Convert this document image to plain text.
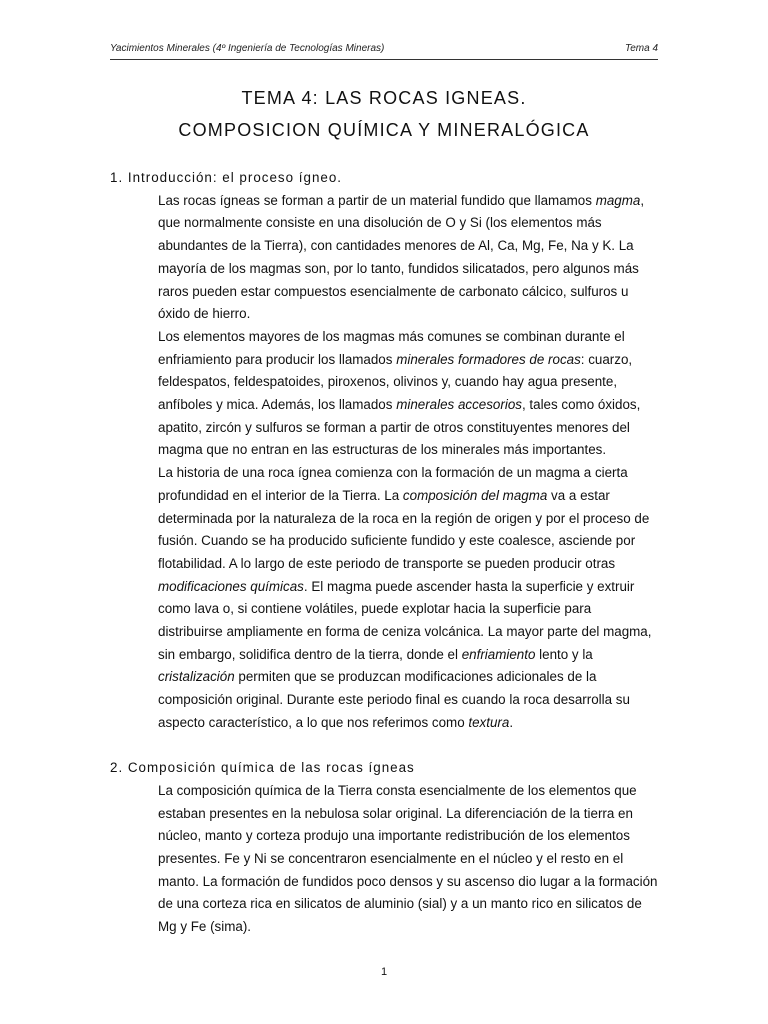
Yacimientos Minerales (4º Ingeniería de Tecnologías Mineras)	Tema 4
TEMA 4: LAS ROCAS IGNEAS.
COMPOSICION QUÍMICA Y MINERALÓGICA

1. Introducción: el proceso ígneo.

Las rocas ígneas se forman a partir de un material fundido que llamamos magma, que normalmente consiste en una disolución de O y Si (los elementos más abundantes de la Tierra), con cantidades menores de Al, Ca, Mg, Fe, Na y K. La mayoría de los magmas son, por lo tanto, fundidos silicatados, pero algunos más raros pueden estar compuestos esencialmente de carbonato cálcico, sulfuros u óxido de hierro.

Los elementos mayores de los magmas más comunes se combinan durante el enfriamiento para producir los llamados minerales formadores de rocas: cuarzo, feldespatos, feldespatoides, piroxenos, olivinos y, cuando hay agua presente, anfíboles y mica. Además, los llamados minerales accesorios, tales como óxidos, apatito, zircón y sulfuros se forman a partir de otros constituyentes menores del magma que no entran en las estructuras de los minerales más importantes.

La historia de una roca ígnea comienza con la formación de un magma a cierta profundidad en el interior de la Tierra. La composición del magma va a estar determinada por la naturaleza de la roca en la región de origen y por el proceso de fusión. Cuando se ha producido suficiente fundido y este coalesce, asciende por flotabilidad. A lo largo de este periodo de transporte se pueden producir otras modificaciones químicas. El magma puede ascender hasta la superficie y extruir como lava o, si contiene volátiles, puede explotar hacia la superficie para distribuirse ampliamente en forma de ceniza volcánica. La mayor parte del magma, sin embargo, solidifica dentro de la tierra, donde el enfriamiento lento y la cristalización permiten que se produzcan modificaciones adicionales de la composición original. Durante este periodo final es cuando la roca desarrolla su aspecto característico, a lo que nos referimos como textura.

2. Composición química de las rocas ígneas

La composición química de la Tierra consta esencialmente de los elementos que estaban presentes en la nebulosa solar original. La diferenciación de la tierra en núcleo, manto y corteza produjo una importante redistribución de los elementos presentes. Fe y Ni se concentraron esencialmente en el núcleo y el resto en el manto. La formación de fundidos poco densos y su ascenso dio lugar a la formación de una corteza rica en silicatos de aluminio (sial) y a un manto rico en silicatos de Mg y Fe (sima).

1
